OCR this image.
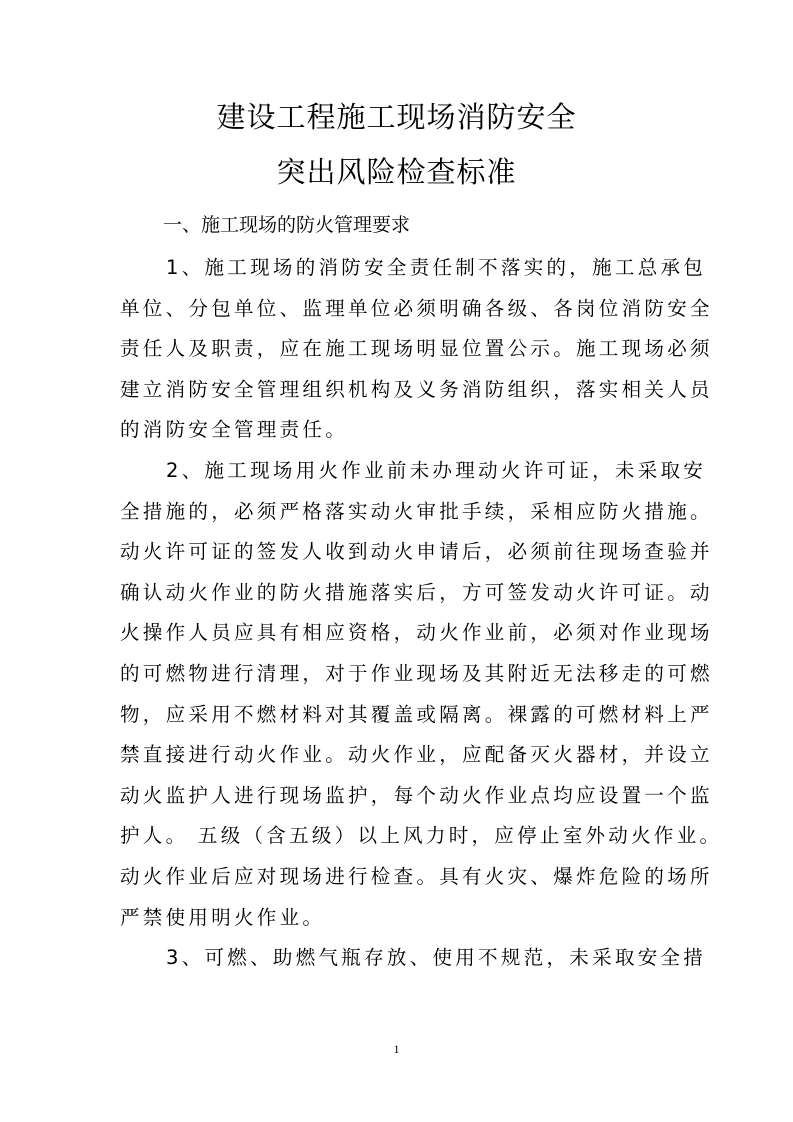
建设工程施工现场消防安全
突出风险检查标准
一、施工现场的防火管理要求
1、施工现场的消防安全责任制不落实的，施工总承包
单位、分包单位、监理单位必须明确各级、各岗位消防安全
责任人及职责，应在施工现场明显位置公示。施工现场必须
建立消防安全管理组织机构及义务消防组织，落实相关人员
的消防安全管理责任。
2、施工现场用火作业前未办理动火许可证，未采取安
全措施的，必须严格落实动火审批手续，采相应防火措施。
动火许可证的签发人收到动火申请后，必须前往现场查验并
确认动火作业的防火措施落实后，方可签发动火许可证。动
火操作人员应具有相应资格，动火作业前，必须对作业现场
的可燃物进行清理，对于作业现场及其附近无法移走的可燃
物，应采用不燃材料对其覆盖或隔离。裸露的可燃材料上严
禁直接进行动火作业。动火作业，应配备灭火器材，并设立
动火监护人进行现场监护，每个动火作业点均应设置一个监
护人。 五级（含五级）以上风力时，应停止室外动火作业。
动火作业后应对现场进行检查。具有火灾、爆炸危险的场所
严禁使用明火作业。
3、可燃、助燃气瓶存放、使用不规范，未采取安全措
1
